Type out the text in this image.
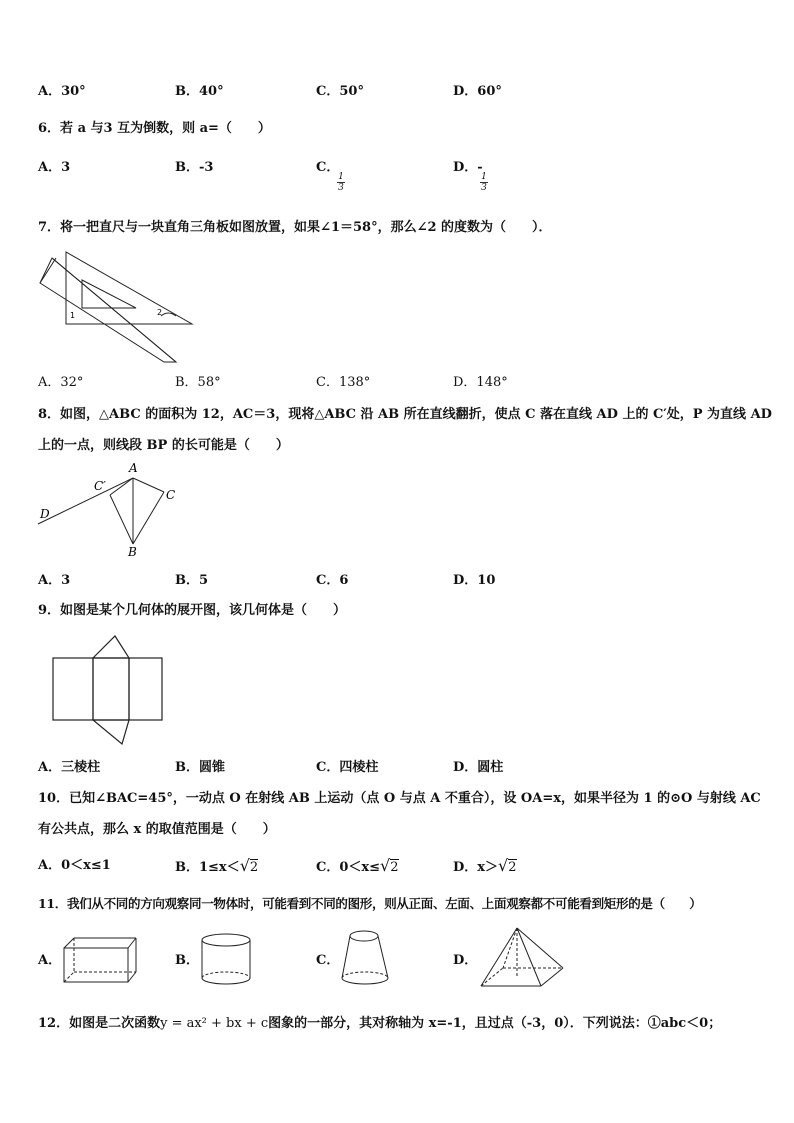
A．30°	B．40°	C．50°	D．60°
6．若 a 与3 互为倒数，则 a=（　　）
A．3	B．-3	C．
$\frac{1}{3}$
D．-
$\frac{1}{3}$
7．将一把直尺与一块直角三角板如图放置，如果∠1＝58°，那么∠2 的度数为（　　）．
1	2
A．32°	B．58°	C．138°	D．148°
8．如图，△ABC 的面积为 12，AC＝3，现将△ABC 沿 AB 所在直线翻折，使点 C 落在直线 AD 上的 C′处，P 为直线 AD
上的一点，则线段 BP 的长可能是（　　）
A
C′
C
D
B
A．3	B．5	C．6	D．10
9．如图是某个几何体的展开图，该几何体是（　　）
A．三棱柱	B．圆锥	C．四棱柱	D．圆柱
10．已知∠BAC=45°，一动点 O 在射线 AB 上运动（点 O 与点 A 不重合），设 OA=x，如果半径为 1 的⊙O 与射线 AC
有公共点，那么 x 的取值范围是（　　）
A．0＜x≤1	B．1≤x＜√2	C．0＜x≤√2	D．x＞√2
11．我们从不同的方向观察同一物体时，可能看到不同的图形，则从正面、左面、上面观察都不可能看到矩形的是（　　）
A．	B．	C．	D．
12．如图是二次函数y = ax² + bx + c图象的一部分，其对称轴为 x=-1，且过点（-3，0）．下列说法：①abc＜0；
